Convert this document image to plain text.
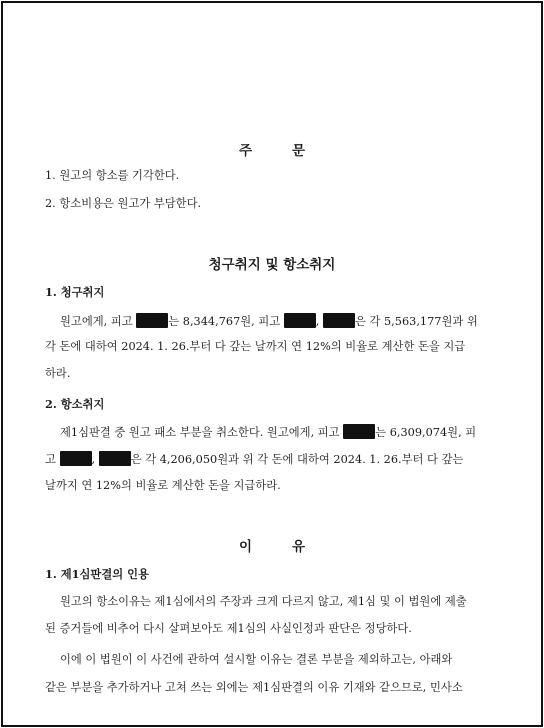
주	문
1. 원고의 항소를 기각한다.
2. 항소비용은 원고가 부담한다.
청구취지 및 항소취지
1. 청구취지
원고에게, 피고	는 8,344,767원, 피고	,	은 각 5,563,177원과 위
각 돈에 대하여 2024. 1. 26.부터 다 갚는 날까지 연 12%의 비율로 계산한 돈을 지급
하라.
2. 항소취지
제1심판결 중 원고 패소 부분을 취소한다. 원고에게, 피고	는 6,309,074원, 피
고	,	은 각 4,206,050원과 위 각 돈에 대하여 2024. 1. 26.부터 다 갚는
날까지 연 12%의 비율로 계산한 돈을 지급하라.
이	유
1. 제1심판결의 인용
원고의 항소이유는 제1심에서의 주장과 크게 다르지 않고, 제1심 및 이 법원에 제출
된 증거들에 비추어 다시 살펴보아도 제1심의 사실인정과 판단은 정당하다.
이에 이 법원이 이 사건에 관하여 설시할 이유는 결론 부분을 제외하고는, 아래와
같은 부분을 추가하거나 고쳐 쓰는 외에는 제1심판결의 이유 기재와 같으므로, 민사소
